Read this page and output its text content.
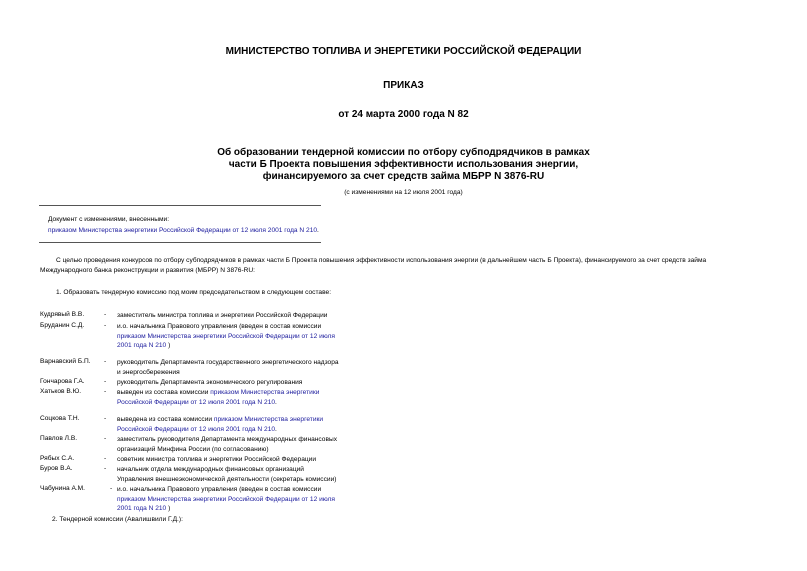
МИНИСТЕРСТВО ТОПЛИВА И ЭНЕРГЕТИКИ РОССИЙСКОЙ ФЕДЕРАЦИИ
ПРИКАЗ
от 24 марта 2000 года N 82
Об образовании тендерной комиссии по отбору субподрядчиков в рамках
части Б Проекта повышения эффективности использования энергии,
финансируемого за счет средств займа МБРР N 3876-RU
(с изменениями на 12 июля 2001 года)
Документ с изменениями, внесенными:
приказом Министерства энергетики Российской Федерации от 12 июля 2001 года N 210.
С целью проведения конкурсов по отбору субподрядчиков в рамках части Б Проекта повышения эффективности использования энергии (в дальнейшем часть Б Проекта), финансируемого за счет средств займа
Международного банка реконструкции и развития (МБРР) N 3876-RU:
1. Образовать тендерную комиссию под моим председательством в следующем составе:
Кудрявый В.В.	- заместитель министра топлива и энергетики Российской Федерации
Бруданин С.Д.	- и.о. начальника Правового управления (введен в состав комиссии
приказом Министерства энергетики Российской Федерации от 12 июля
2001 года N 210 )
Варнавский Б.П. - руководитель Департамента государственного энергетического надзора
и энергосбережения
Гончарова Г.А.	- руководитель Департамента экономического регулирования
Хатьков В.Ю.	- выведен из состава комиссии приказом Министерства энергетики
Российской Федерации от 12 июля 2001 года N 210.
Соцкова Т.Н.	- выведена из состава комиссии приказом Министерства энергетики
Российской Федерации от 12 июля 2001 года N 210.
Павлов Л.В.	- заместитель руководителя Департамента международных финансовых
организаций Минфина России (по согласованию)
Рябых С.А.	- советник министра топлива и энергетики Российской Федерации
Буров В.А.	- начальник отдела международных финансовых организаций
Управления внешнеэкономической деятельности (секретарь комиссии)
Чабунина А.М.	- и.о. начальника Правового управления (введен в состав комиссии
приказом Министерства энергетики Российской Федерации от 12 июля
2001 года N 210 )
2. Тендерной комиссии (Авалишвили Г.Д.):
